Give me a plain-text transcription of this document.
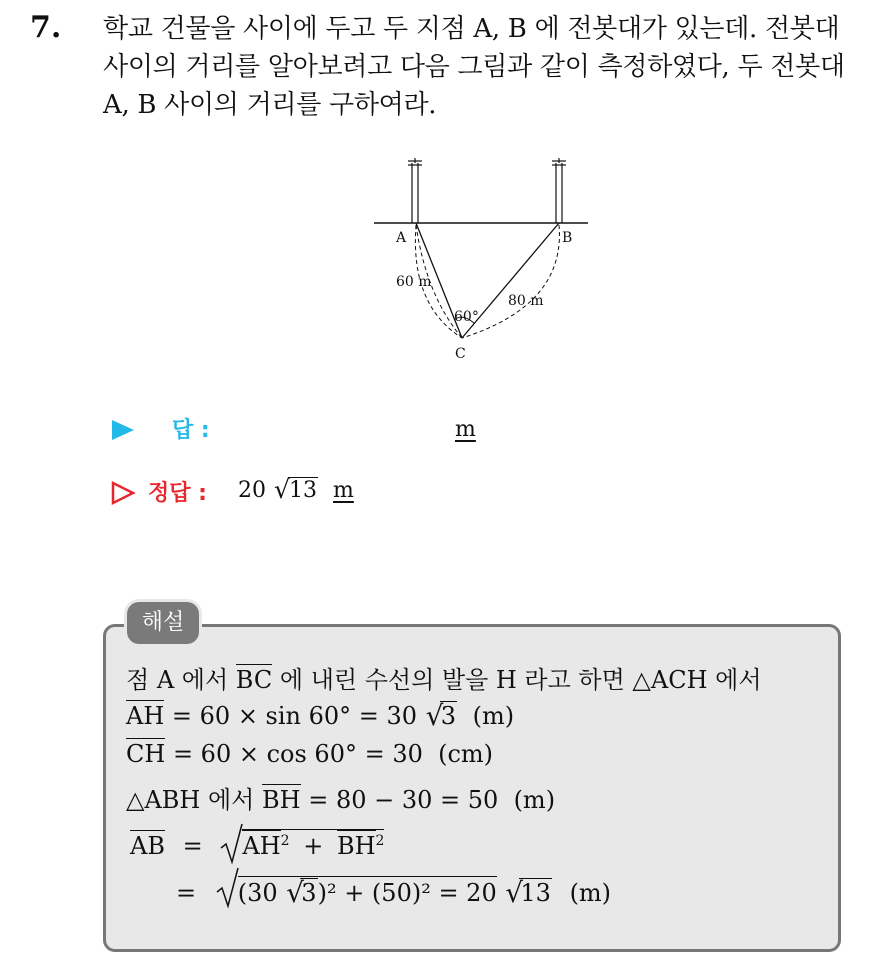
7. 학교 건물을 사이에 두고 두 지점 A, B 에 전봇대가 있는데. 전봇대
사이의 거리를 알아보려고 다음 그림과 같이 측정하였다, 두 전봇대
A, B 사이의 거리를 구하여라.
A	B
C
60 m
80 m
60°
답 :	m
정답 : 20 √ 13 m
해설
점 A 에서 BC 에 내린 수선의 발을 H 라고 하면 △ACH 에서
AH = 60 × sin 60° = 30 √ 3 (m)
CH = 60 × cos 60° = 30  (cm)
△ABH 에서 BH = 80 − 30 = 50  (m)
AB = $AH^2 + BH^2$
= (30 √ 3)² + (50)² = 20 √ 13 (m)
